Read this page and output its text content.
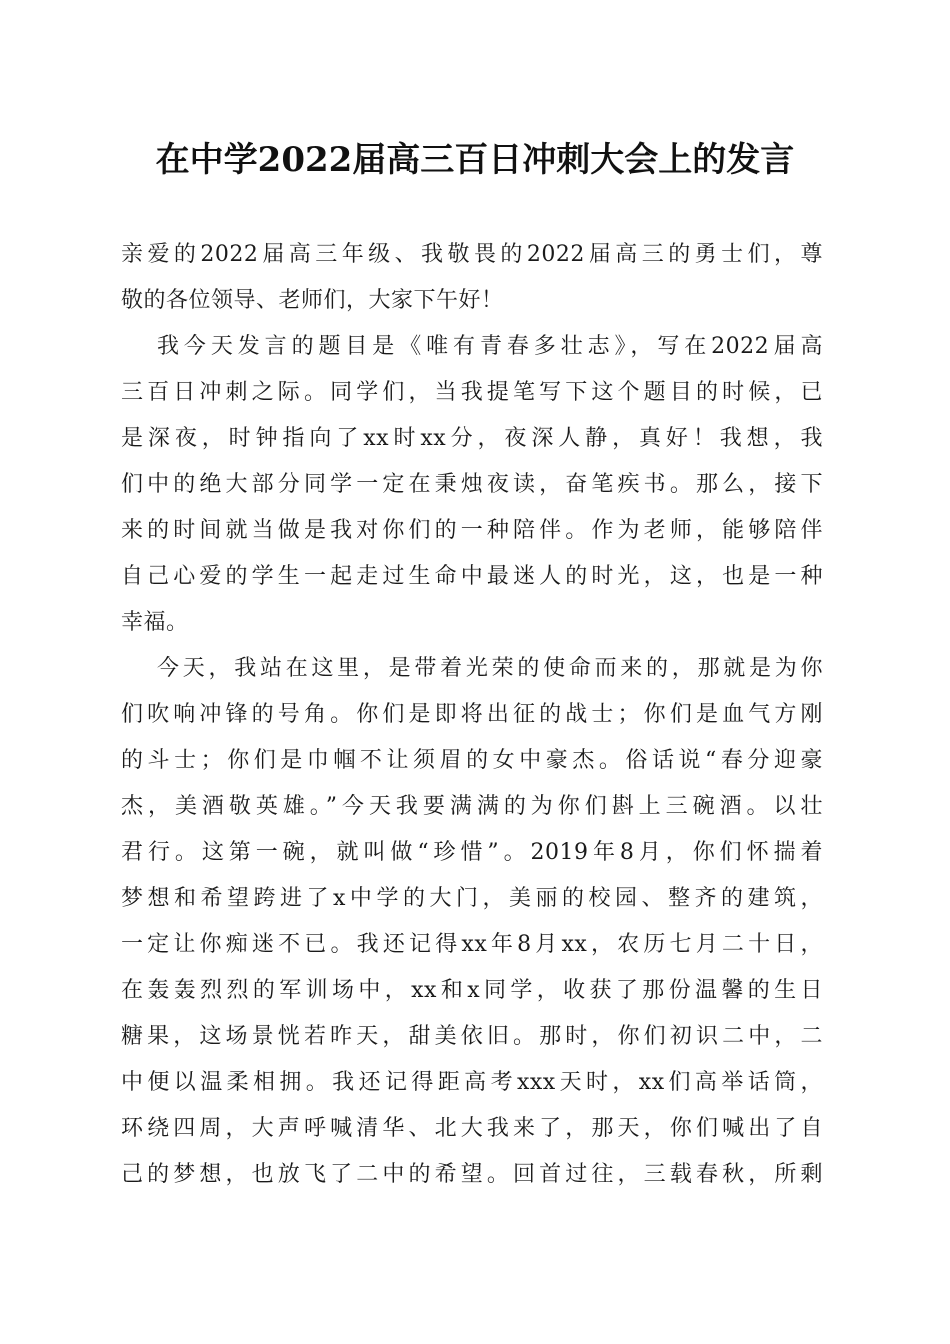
在中学2022届高三百日冲刺大会上的发言
亲爱的2022届高三年级、我敬畏的2022届高三的勇士们，尊
敬的各位领导、老师们，大家下午好！
我今天发言的题目是《唯有青春多壮志》，写在2022届高
三百日冲刺之际。同学们，当我提笔写下这个题目的时候，已
是深夜，时钟指向了xx时xx分，夜深人静，真好！我想，我
们中的绝大部分同学一定在秉烛夜读，奋笔疾书。那么，接下
来的时间就当做是我对你们的一种陪伴。作为老师，能够陪伴
自己心爱的学生一起走过生命中最迷人的时光，这，也是一种
幸福。
今天，我站在这里，是带着光荣的使命而来的，那就是为你
们吹响冲锋的号角。你们是即将出征的战士；你们是血气方刚
的斗士；你们是巾帼不让须眉的女中豪杰。俗话说“春分迎豪
杰，美酒敬英雄。”今天我要满满的为你们斟上三碗酒。以壮
君行。这第一碗，就叫做“珍惜”。2019年8月，你们怀揣着
梦想和希望跨进了x中学的大门，美丽的校园、整齐的建筑，
一定让你痴迷不已。我还记得xx年8月xx，农历七月二十日，
在轰轰烈烈的军训场中，xx和x同学，收获了那份温馨的生日
糖果，这场景恍若昨天，甜美依旧。那时，你们初识二中，二
中便以温柔相拥。我还记得距高考xxx天时，xx们高举话筒，
环绕四周，大声呼喊清华、北大我来了，那天，你们喊出了自
己的梦想，也放飞了二中的希望。回首过往，三载春秋，所剩
